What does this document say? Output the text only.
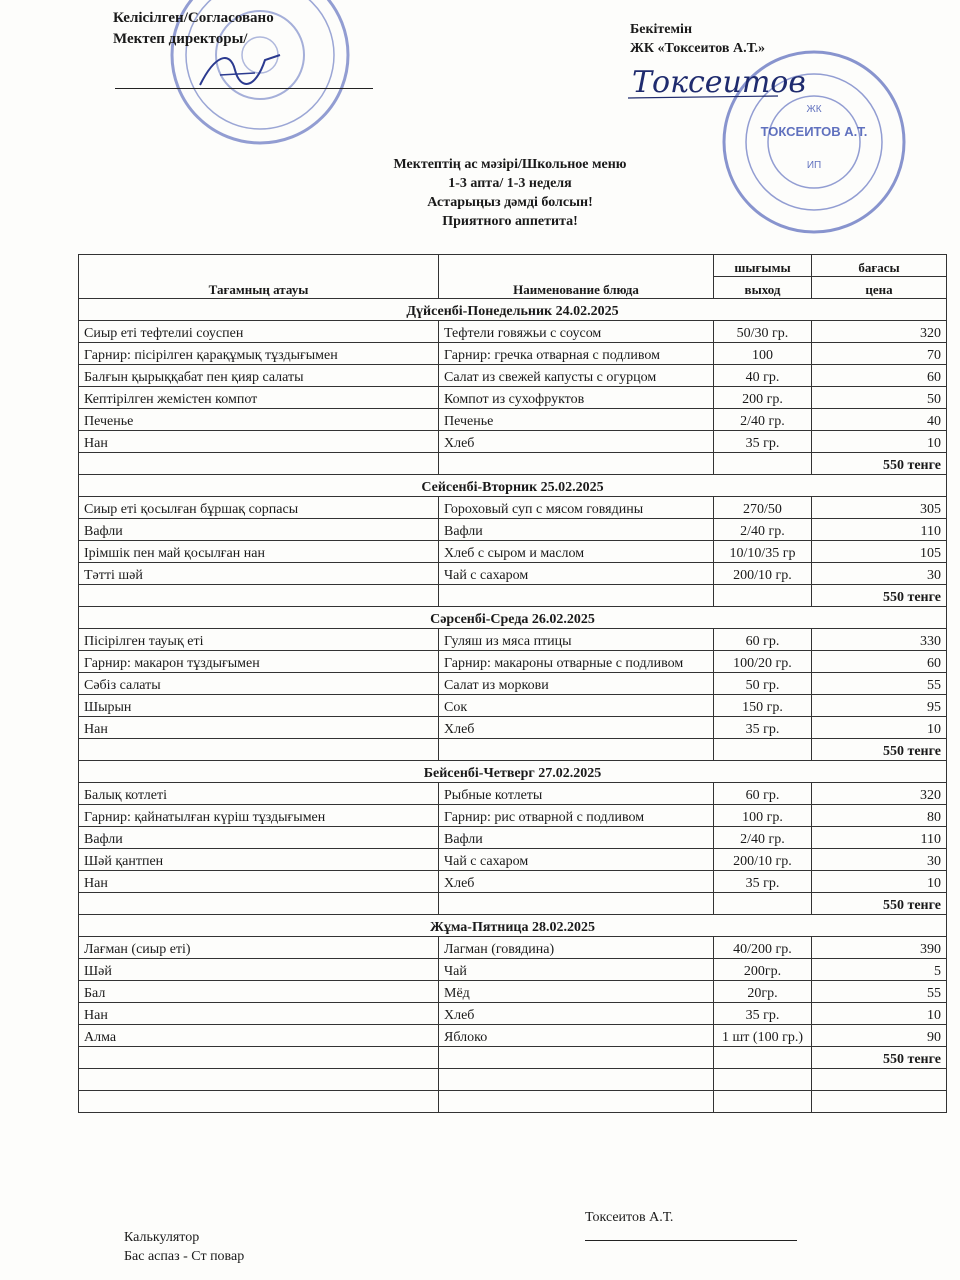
Келісілген/Согласовано
Мектеп директоры/
Бекітемін
ЖК «Токсеитов А.Т.»
ЖК
ТОКСЕИТОВ А.Т.
ИП
Токсеитов
Мектептің ас мәзірі/Школьное меню
1-3 апта/ 1-3 неделя
Астарыңыз дәмді болсын!
Приятного аппетита!
Тағамның атауы	Наименование блюда	шығымы	бағасы
		выход	цена
Дүйсенбі-Понедельник 24.02.2025			
Сиыр еті тефтелиі соуспен	Тефтели говяжьи с соусом	50/30 гр.	320
Гарнир: пісірілген қарақұмық тұздығымен	Гарнир: гречка отварная с подливом	100	70
Балғын қырыққабат пен қияр салаты	Салат из свежей капусты с огурцом	40 гр.	60
Кептірілген жемістен компот	Компот из сухофруктов	200 гр.	50
Печенье	Печенье	2/40 гр.	40
Нан	Хлеб	35 гр.	10
			550 тенге
Сейсенбі-Вторник 25.02.2025			
Сиыр еті қосылған бұршақ сорпасы	Гороховый суп с мясом говядины	270/50	305
Вафли	Вафли	2/40 гр.	110
Ірімшік пен май қосылған нан	Хлеб с сыром и маслом	10/10/35 гр	105
Тәтті шәй	Чай с сахаром	200/10 гр.	30
			550 тенге
Сәрсенбі-Среда 26.02.2025			
Пісірілген тауық еті	Гуляш из мяса птицы	60 гр.	330
Гарнир: макарон тұздығымен	Гарнир: макароны отварные с подливом	100/20 гр.	60
Сәбіз салаты	Салат из моркови	50 гр.	55
Шырын	Сок	150 гр.	95
Нан	Хлеб	35 гр.	10
			550 тенге
Бейсенбі-Четверг 27.02.2025			
Балық котлеті	Рыбные котлеты	60 гр.	320
Гарнир: қайнатылған күріш тұздығымен	Гарнир: рис отварной с подливом	100 гр.	80
Вафли	Вафли	2/40 гр.	110
Шәй қантпен	Чай с сахаром	200/10 гр.	30
Нан	Хлеб	35 гр.	10
			550 тенге
Жұма-Пятница 28.02.2025			
Лағман (сиыр еті)	Лагман (говядина)	40/200 гр.	390
Шәй	Чай	200гр.	5
Бал	Мёд	20гр.	55
Нан	Хлеб	35 гр.	10
Алма	Яблоко	1 шт (100 гр.)	90
			550 тенге

Калькулятор
Бас аспаз - Ст повар
Токсеитов А.Т.
